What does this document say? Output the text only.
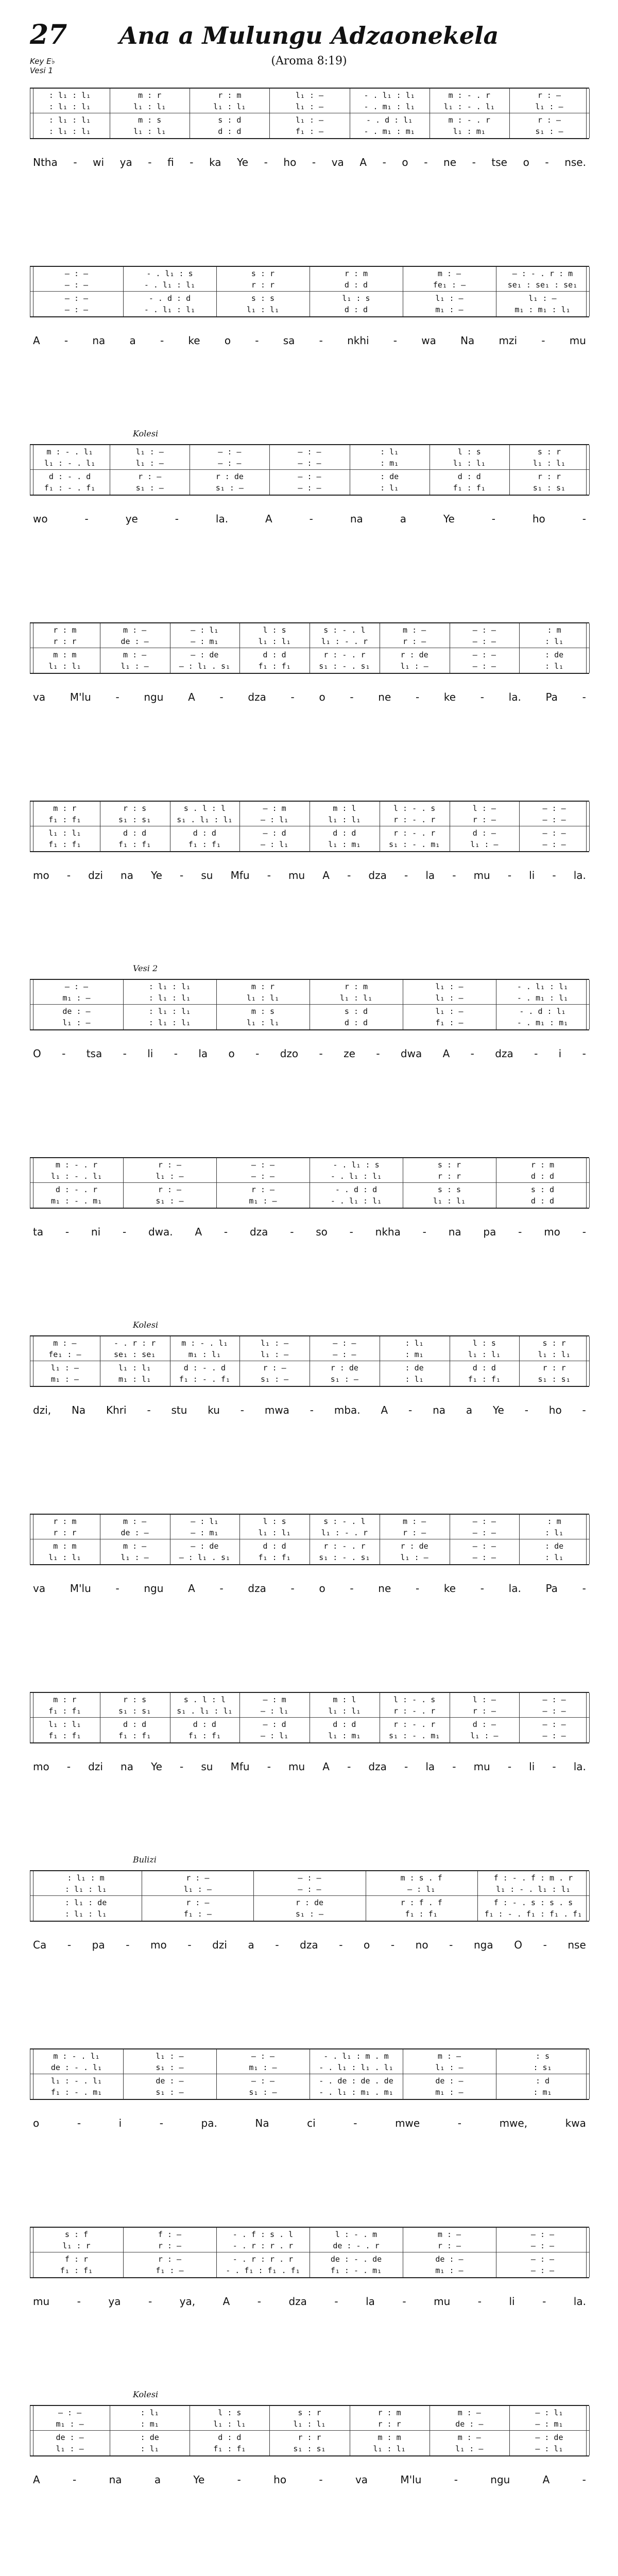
27
Key E♭
Vesi 1
Ana a Mulungu Adzaonekela
(Aroma 8:19)
: l₁ : l₁	m : r	r : m	l₁ : —	- . l₁ : l₁	m : - . r	r : —
: l₁ : l₁	l₁ : l₁	l₁ : l₁	l₁ : —	- . m₁ : l₁	l₁ : - . l₁	l₁ : —
: l₁ : l₁	m : s	s : d	l₁ : —	- . d : l₁	m : - . r	r : —
: l₁ : l₁	l₁ : l₁	d : d	f₁ : —	- . m₁ : m₁	l₁ : m₁	s₁ : —
Ntha - wi ya - fi - ka Ye - ho - va A - o - ne - tse o - nse.
— : —	- . l₁ : s	s : r	r : m	m : —	— : - . r : m
— : —	- . l₁ : l₁	r : r	d : d	fe₁ : —	se₁ : se₁ : se₁
— : —	- . d : d	s : s	l₁ : s	l₁ : —	l₁ : —
— : —	- . l₁ : l₁	l₁ : l₁	d : d	m₁ : —	m₁ : m₁ : l₁
A - na a - ke o - sa - nkhi - wa Na mzi - mu
Kolesi
m : - . l₁	l₁ : —	— : —	— : —	: l₁	l : s	s : r
l₁ : - . l₁	l₁ : —	— : —	— : —	: m₁	l₁ : l₁	l₁ : l₁
d : - . d	r : —	r : de	— : —	: de	d : d	r : r
f₁ : - . f₁	s₁ : —	s₁ : —	— : —	: l₁	f₁ : f₁	s₁ : s₁
wo	-	ye	-	la.	A	-	na	a	Ye	-	ho	-
r : m	m : —	— : l₁	l : s	s : - . l	m : —	— : —	: m
r : r	de : —	— : m₁	l₁ : l₁	l₁ : - . r	r : —	— : —	: l₁
m : m	m : —	— : de	d : d	r : - . r	r : de	— : —	: de
l₁ : l₁	l₁ : —	— : l₁ . s₁	f₁ : f₁	s₁ : - . s₁	l₁ : —	— : —	: l₁
va M'lu - ngu A - dza - o - ne - ke - la. Pa -
m : r	r : s	s . l : l	— : m	m : l	l : - . s	l : —	— : —
f₁ : f₁	s₁ : s₁	s₁ . l₁ : l₁	— : l₁	l₁ : l₁	r : - . r	r : —	— : —
l₁ : l₁	d : d	d : d	— : d	d : d	r : - . r	d : —	— : —
f₁ : f₁	f₁ : f₁	f₁ : f₁	— : l₁	l₁ : m₁	s₁ : - . m₁	l₁ : —	— : —
mo - dzi na Ye - su Mfu - mu A - dza - la - mu - li - la.
Vesi 2
— : —	: l₁ : l₁	m : r	r : m	l₁ : —	- . l₁ : l₁
m₁ : —	: l₁ : l₁	l₁ : l₁	l₁ : l₁	l₁ : —	- . m₁ : l₁
de : —	: l₁ : l₁	m : s	s : d	l₁ : —	- . d : l₁
l₁ : —	: l₁ : l₁	l₁ : l₁	d : d	f₁ : —	- . m₁ : m₁
O - tsa - li - la o - dzo - ze - dwa A - dza - i -
m : - . r	r : —	— : —	- . l₁ : s	s : r	r : m
l₁ : - . l₁	l₁ : —	— : —	- . l₁ : l₁	r : r	d : d
d : - . r	r : —	r : —	- . d : d	s : s	s : d
m₁ : - . m₁	s₁ : —	m₁ : —	- . l₁ : l₁	l₁ : l₁	d : d
ta - ni - dwa. A - dza - so - nkha - na pa - mo -
Kolesi
m : —	- . r : r	m : - . l₁	l₁ : —	— : —	: l₁	l : s	s : r
fe₁ : —	se₁ : se₁	m₁ : l₁	l₁ : —	— : —	: m₁	l₁ : l₁	l₁ : l₁
l₁ : —	l₁ : l₁	d : - . d	r : —	r : de	: de	d : d	r : r
m₁ : —	m₁ : l₁	f₁ : - . f₁	s₁ : —	s₁ : —	: l₁	f₁ : f₁	s₁ : s₁
dzi, Na Khri - stu ku - mwa - mba. A - na a Ye - ho -
r : m	m : —	— : l₁	l : s	s : - . l	m : —	— : —	: m
r : r	de : —	— : m₁	l₁ : l₁	l₁ : - . r	r : —	— : —	: l₁
m : m	m : —	— : de	d : d	r : - . r	r : de	— : —	: de
l₁ : l₁	l₁ : —	— : l₁ . s₁	f₁ : f₁	s₁ : - . s₁	l₁ : —	— : —	: l₁
va M'lu - ngu A - dza - o - ne - ke - la. Pa -
m : r	r : s	s . l : l	— : m	m : l	l : - . s	l : —	— : —
f₁ : f₁	s₁ : s₁	s₁ . l₁ : l₁	— : l₁	l₁ : l₁	r : - . r	r : —	— : —
l₁ : l₁	d : d	d : d	— : d	d : d	r : - . r	d : —	— : —
f₁ : f₁	f₁ : f₁	f₁ : f₁	— : l₁	l₁ : m₁	s₁ : - . m₁	l₁ : —	— : —
mo - dzi na Ye - su Mfu - mu A - dza - la - mu - li - la.
Bulizi
: l₁ : m	r : —	— : —	m : s . f	f : - . f : m . r
: l₁ : l₁	l₁ : —	— : —	— : l₁	l₁ : - . l₁ : l₁
: l₁ : de	r : —	r : de	r : f . f	f : - . s : s . s
: l₁ : l₁	f₁ : —	s₁ : —	f₁ : f₁	f₁ : - . f₁ : f₁ . f₁
Ca - pa - mo - dzi a - dza - o - no - nga O - nse
m : - . l₁	l₁ : —	— : —	- . l₁ : m . m	m : —	: s
de : - . l₁	s₁ : —	m₁ : —	- . l₁ : l₁ . l₁	l₁ : —	: s₁
l₁ : - . l₁	de : —	— : —	- . de : de . de	de : —	: d
f₁ : - . m₁	s₁ : —	s₁ : —	- . l₁ : m₁ . m₁	m₁ : —	: m₁
o	-	i	-	pa.	Na	ci	-	mwe	-	mwe,	kwa
s : f	f : —	- . f : s . l	l : - . m	m : —	— : —
l₁ : r	r : —	- . r : r . r	de : - . r	r : —	— : —
f : r	r : —	- . r : r . r	de : - . de	de : —	— : —
f₁ : f₁	f₁ : —	- . f₁ : f₁ . f₁	f₁ : - . m₁	m₁ : —	— : —
mu	-	ya	-	ya,	A	-	dza	-	la	-	mu	-	li	-	la.
Kolesi
— : —	: l₁	l : s	s : r	r : m	m : —	— : l₁
m₁ : —	: m₁	l₁ : l₁	l₁ : l₁	r : r	de : —	— : m₁
de : —	: de	d : d	r : r	m : m	m : —	— : de
l₁ : —	: l₁	f₁ : f₁	s₁ : s₁	l₁ : l₁	l₁ : —	— : l₁
A	-	na	a	Ye	-	ho	-	va	M'lu	-	ngu	A	-
